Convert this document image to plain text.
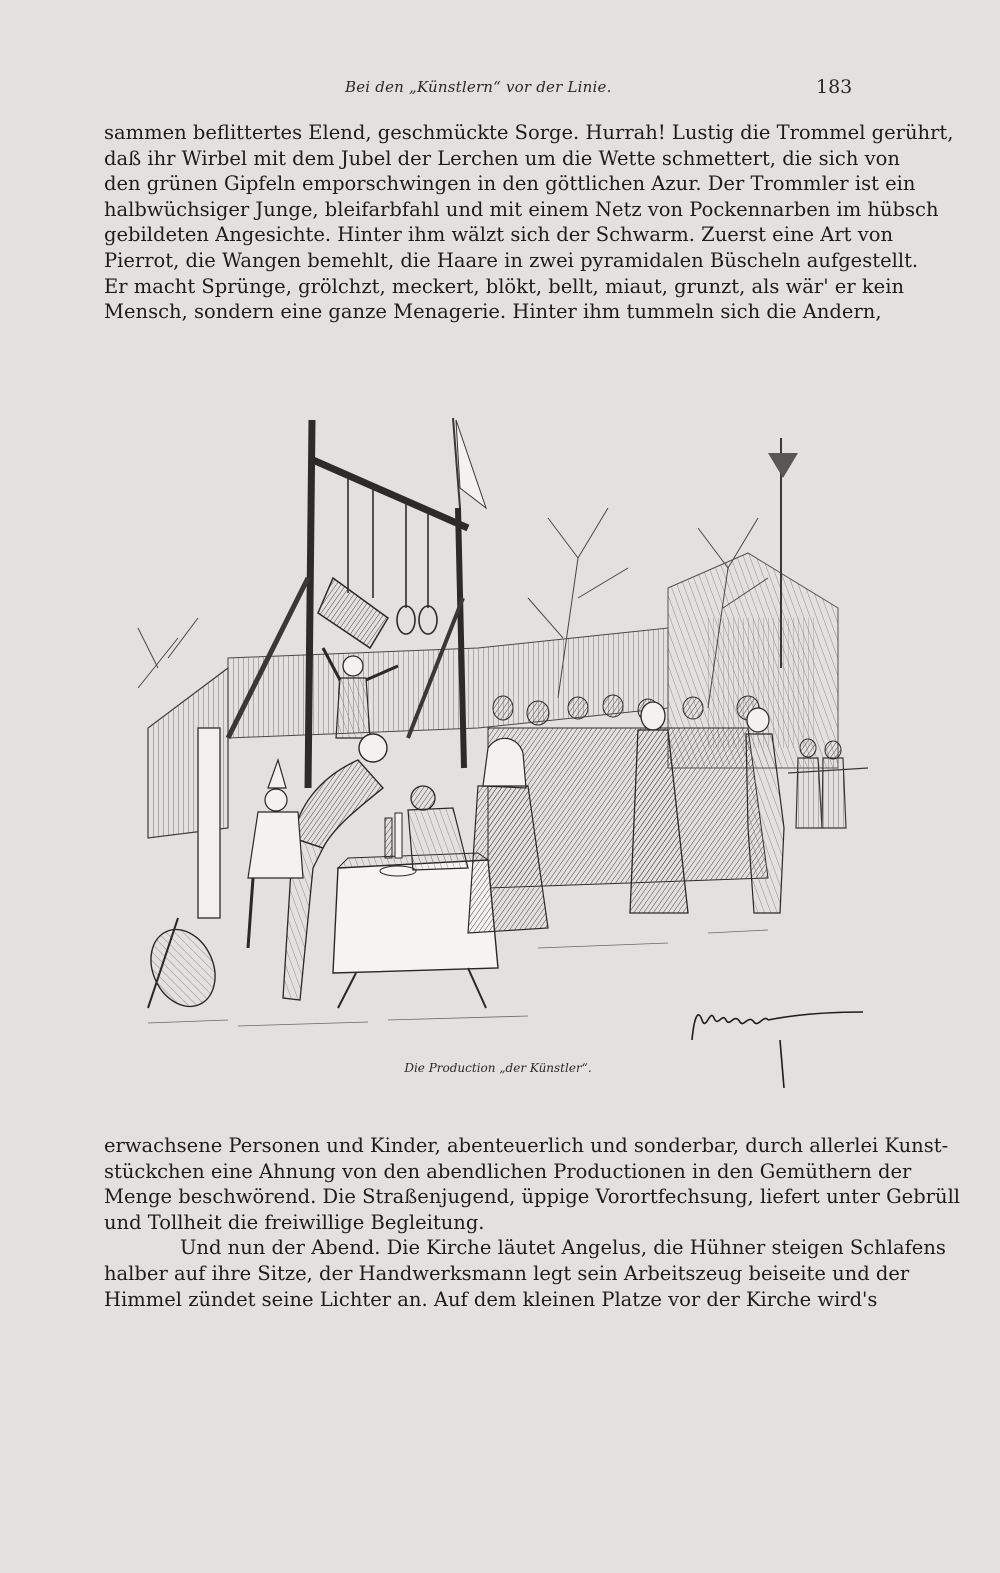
Bei den „Künstlern“ vor der Linie.	183
sammen beflittertes Elend, geschmückte Sorge. Hurrah! Lustig die Trommel gerührt,
daß ihr Wirbel mit dem Jubel der Lerchen um die Wette schmettert, die sich von
den grünen Gipfeln emporschwingen in den göttlichen Azur. Der Trommler ist ein
halbwüchsiger Junge, bleifarbfahl und mit einem Netz von Pockennarben im hübsch
gebildeten Angesichte. Hinter ihm wälzt sich der Schwarm. Zuerst eine Art von
Pierrot, die Wangen bemehlt, die Haare in zwei pyramidalen Büscheln aufgestellt.
Er macht Sprünge, grölchzt, meckert, blökt, bellt, miaut, grunzt, als wär' er kein
Mensch, sondern eine ganze Menagerie. Hinter ihm tummeln sich die Andern,
Die Production „der Künstler“.
erwachsene Personen und Kinder, abenteuerlich und sonderbar, durch allerlei Kunst-
stückchen eine Ahnung von den abendlichen Productionen in den Gemüthern der
Menge beschwörend. Die Straßenjugend, üppige Vorortfechsung, liefert unter Gebrüll
und Tollheit die freiwillige Begleitung.
Und nun der Abend. Die Kirche läutet Angelus, die Hühner steigen Schlafens
halber auf ihre Sitze, der Handwerksmann legt sein Arbeitszeug beiseite und der
Himmel zündet seine Lichter an. Auf dem kleinen Platze vor der Kirche wird's
